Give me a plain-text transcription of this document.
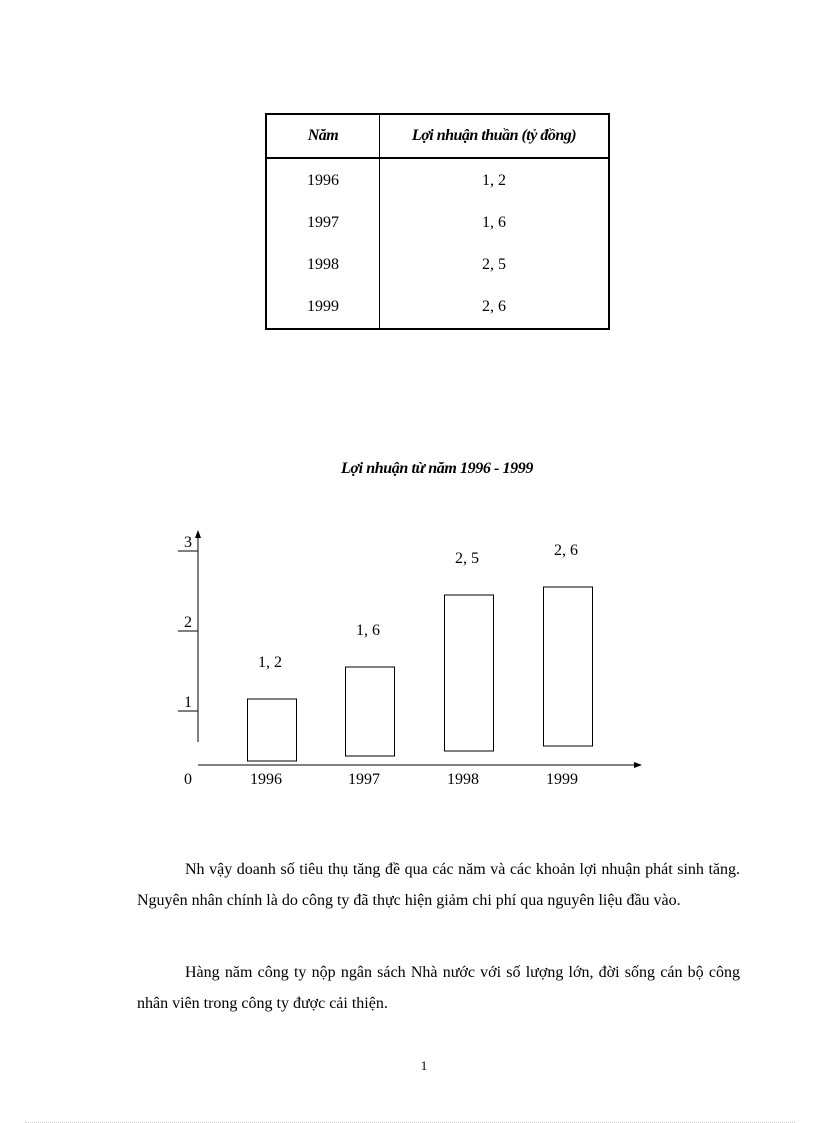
Năm	Lợi nhuận thuần (tỷ đồng)
1996	1, 2
1997	1, 6
1998	2, 5
1999	2, 6
Lợi nhuận từ năm 1996 - 1999
1
2
3
0
1, 2
1996
1, 6
1997
2, 5
1998
2, 6
1999

Nh vậy doanh số tiêu thụ tăng đề qua các năm và các khoản lợi nhuận phát sinh tăng. Nguyên nhân chính là do công ty đã thực hiện giảm chi phí qua nguyên liệu đầu vào.

Hàng năm công ty nộp ngân sách Nhà nước với số lượng lớn, đời sống cán bộ công nhân viên trong công ty được cải thiện.

1
